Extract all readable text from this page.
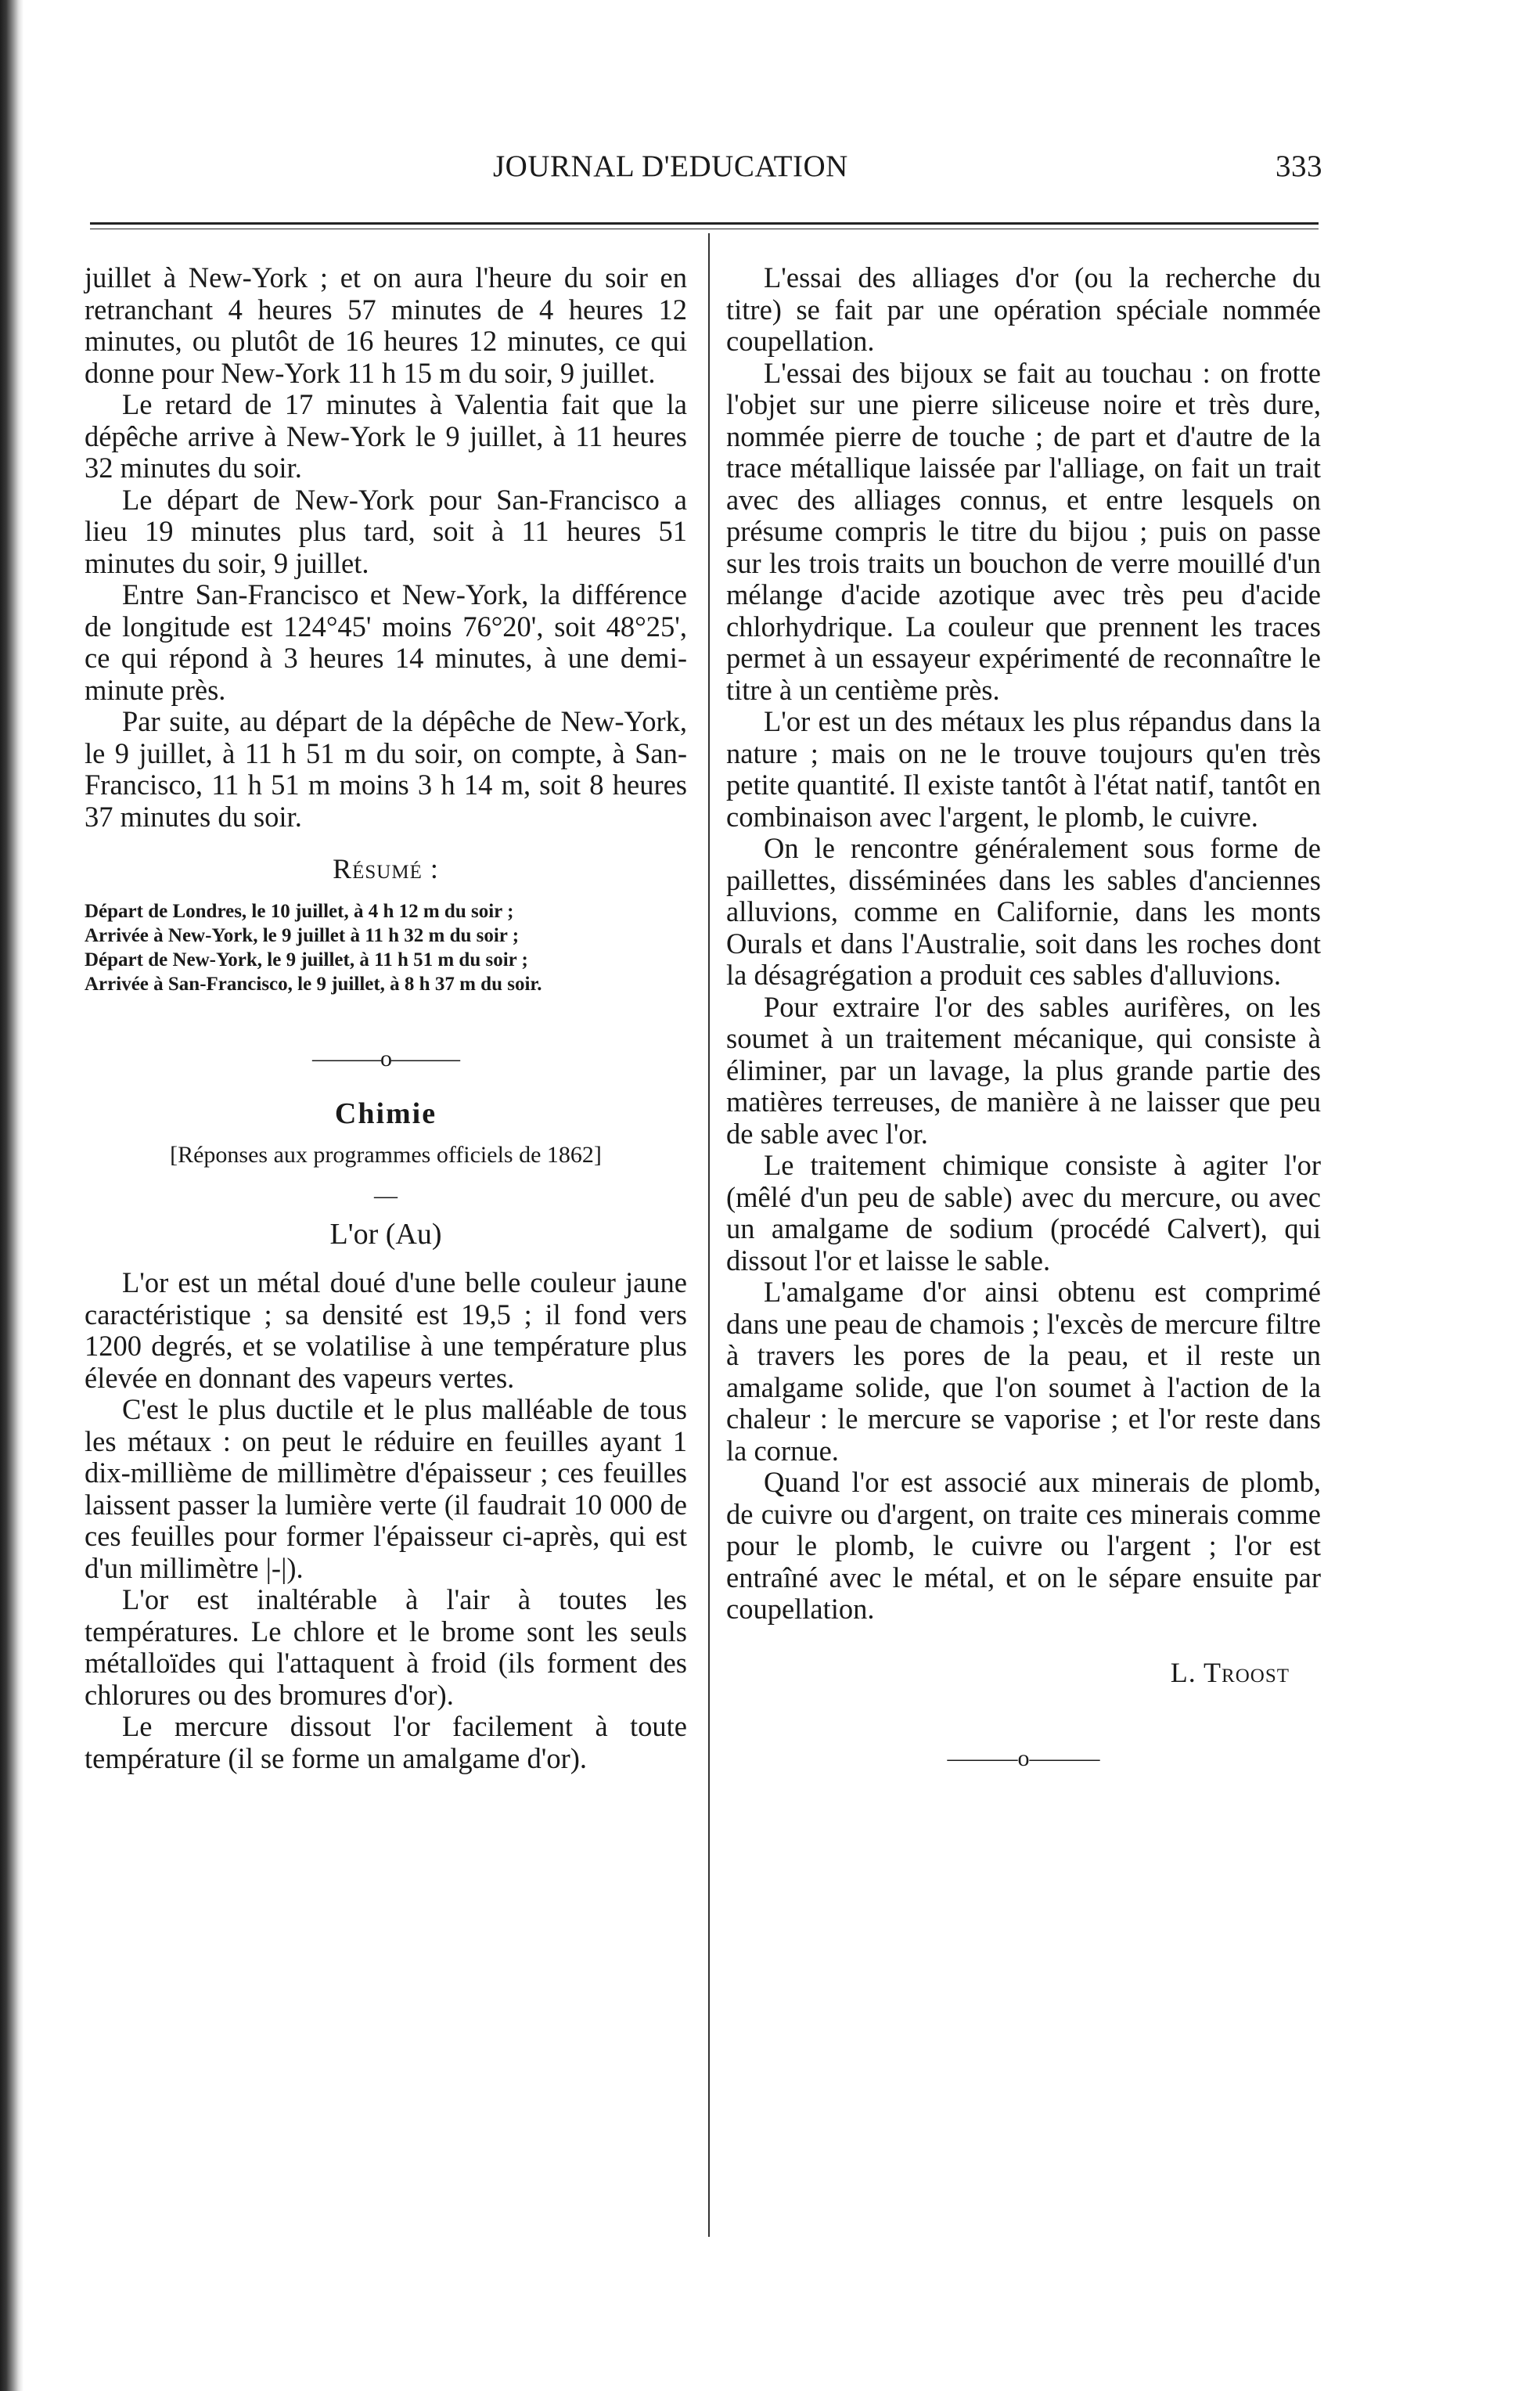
JOURNAL D'EDUCATION	333

juillet à New-York ; et on aura l'heure du soir en retranchant 4 heures 57 minutes de 4 heures 12 minutes, ou plutôt de 16 heures 12 minutes, ce qui donne pour New-York 11 h 15 m du soir, 9 juillet.

Le retard de 17 minutes à Valentia fait que la dépêche arrive à New-York le 9 juillet, à 11 heures 32 minutes du soir.

Le départ de New-York pour San-Francisco a lieu 19 minutes plus tard, soit à 11 heures 51 minutes du soir, 9 juillet.

Entre San-Francisco et New-York, la différence de longitude est 124°45' moins 76°20', soit 48°25', ce qui répond à 3 heures 14 minutes, à une demi-minute près.

Par suite, au départ de la dépêche de New-York, le 9 juillet, à 11 h 51 m du soir, on compte, à San-Francisco, 11 h 51 m moins 3 h 14 m, soit 8 heures 37 minutes du soir.

Résumé :
Départ de Londres, le 10 juillet, à 4 h 12 m du soir ;
Arrivée à New-York, le 9 juillet à 11 h 32 m du soir ;
Départ de New-York, le 9 juillet, à 11 h 51 m du soir ;
Arrivée à San-Francisco, le 9 juillet, à 8 h 37 m du soir.
———o———
Chimie
[Réponses aux programmes officiels de 1862]
—
L'or (Au)

L'or est un métal doué d'une belle couleur jaune caractéristique ; sa densité est 19,5 ; il fond vers 1200 degrés, et se volatilise à une température plus élevée en donnant des vapeurs vertes.

C'est le plus ductile et le plus malléable de tous les métaux : on peut le réduire en feuilles ayant 1 dix-millième de millimètre d'épaisseur ; ces feuilles laissent passer la lumière verte (il faudrait 10 000 de ces feuilles pour former l'épaisseur ci-après, qui est d'un millimètre |-|).

L'or est inaltérable à l'air à toutes les températures. Le chlore et le brome sont les seuls métalloïdes qui l'attaquent à froid (ils forment des chlorures ou des bromures d'or).

Le mercure dissout l'or facilement à toute température (il se forme un amalgame d'or).

L'essai des alliages d'or (ou la recherche du titre) se fait par une opération spéciale nommée coupellation.

L'essai des bijoux se fait au touchau : on frotte l'objet sur une pierre siliceuse noire et très dure, nommée pierre de touche ; de part et d'autre de la trace métallique laissée par l'alliage, on fait un trait avec des alliages connus, et entre lesquels on présume compris le titre du bijou ; puis on passe sur les trois traits un bouchon de verre mouillé d'un mélange d'acide azotique avec très peu d'acide chlorhydrique. La couleur que prennent les traces permet à un essayeur expérimenté de reconnaître le titre à un centième près.

L'or est un des métaux les plus répandus dans la nature ; mais on ne le trouve toujours qu'en très petite quantité. Il existe tantôt à l'état natif, tantôt en combinaison avec l'argent, le plomb, le cuivre.

On le rencontre généralement sous forme de paillettes, disséminées dans les sables d'anciennes alluvions, comme en Californie, dans les monts Ourals et dans l'Australie, soit dans les roches dont la désagrégation a produit ces sables d'alluvions.

Pour extraire l'or des sables aurifères, on les soumet à un traitement mécanique, qui consiste à éliminer, par un lavage, la plus grande partie des matières terreuses, de manière à ne laisser que peu de sable avec l'or.

Le traitement chimique consiste à agiter l'or (mêlé d'un peu de sable) avec du mercure, ou avec un amalgame de sodium (procédé Calvert), qui dissout l'or et laisse le sable.

L'amalgame d'or ainsi obtenu est comprimé dans une peau de chamois ; l'excès de mercure filtre à travers les pores de la peau, et il reste un amalgame solide, que l'on soumet à l'action de la chaleur : le mercure se vaporise ; et l'or reste dans la cornue.

Quand l'or est associé aux minerais de plomb, de cuivre ou d'argent, on traite ces minerais comme pour le plomb, le cuivre ou l'argent ; l'or est entraîné avec le métal, et on le sépare ensuite par coupellation.

L. Troost
———o———
